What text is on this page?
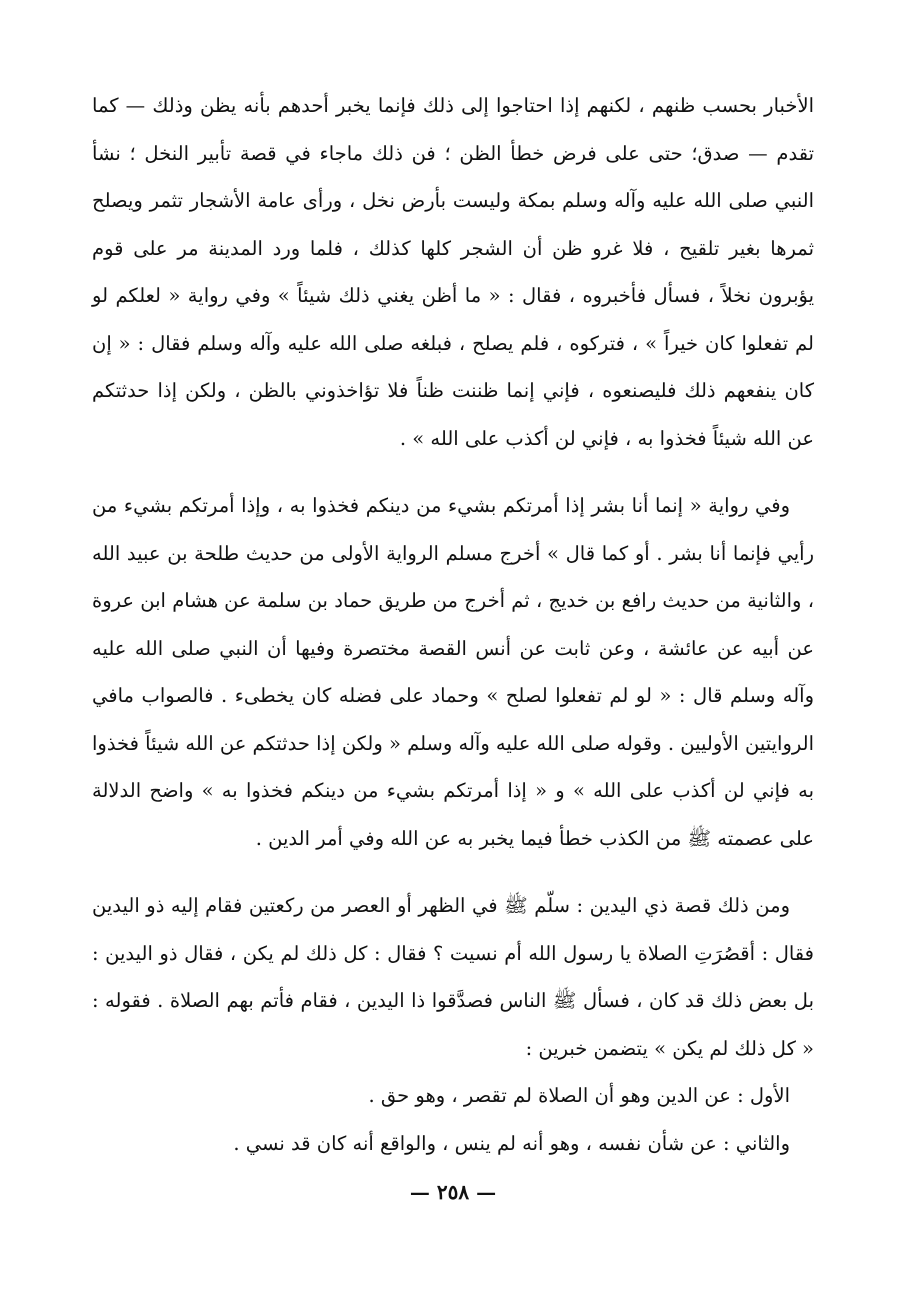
الأخبار بحسب ظنهم ، لكنهم إذا احتاجوا إلى ذلك فإنما يخبر أحدهم بأنه يظن وذلك — كما تقدم — صدق؛ حتى على فرض خطأ الظن ؛ فن ذلك ماجاء في قصة تأبير النخل ؛ نشأ النبي صلى الله عليه وآله وسلم بمكة وليست بأرض نخل ، ورأى عامة الأشجار تثمر ويصلح ثمرها بغير تلقيح ، فلا غرو ظن أن الشجر كلها كذلك ، فلما ورد المدينة مر على قوم يؤبرون نخلاً ، فسأل فأخبروه ، فقال : « ما أظن يغني ذلك شيئاً » وفي رواية « لعلكم لو لم تفعلوا كان خيراً » ، فتركوه ، فلم يصلح ، فبلغه صلى الله عليه وآله وسلم فقال : « إن كان ينفعهم ذلك فليصنعوه ، فإني إنما ظننت ظناً فلا تؤاخذوني بالظن ، ولكن إذا حدثتكم عن الله شيئاً فخذوا به ، فإني لن أكذب على الله » .

وفي رواية « إنما أنا بشر إذا أمرتكم بشيء من دينكم فخذوا به ، وإذا أمرتكم بشيء من رأيي فإنما أنا بشر . أو كما قال » أخرج مسلم الرواية الأولى من حديث طلحة بن عبيد الله ، والثانية من حديث رافع بن خديج ، ثم أخرج من طريق حماد بن سلمة عن هشام ابن عروة عن أبيه عن عائشة ، وعن ثابت عن أنس القصة مختصرة وفيها أن النبي صلى الله عليه وآله وسلم قال : « لو لم تفعلوا لصلح » وحماد على فضله كان يخطىء . فالصواب مافي الروايتين الأوليين . وقوله صلى الله عليه وآله وسلم « ولكن إذا حدثتكم عن الله شيئاً فخذوا به فإني لن أكذب على الله » و « إذا أمرتكم بشيء من دينكم فخذوا به » واضح الدلالة على عصمته ﷺ من الكذب خطأ فيما يخبر به عن الله وفي أمر الدين .

ومن ذلك قصة ذي اليدين : سلّم ﷺ في الظهر أو العصر من ركعتين فقام إليه ذو اليدين فقال : أقصُرَتِ الصلاة يا رسول الله أم نسيت ؟ فقال : كل ذلك لم يكن ، فقال ذو اليدين : بل بعض ذلك قد كان ، فسأل ﷺ الناس فصدَّقوا ذا اليدين ، فقام فأتم بهم الصلاة . فقوله : « كل ذلك لم يكن » يتضمن خبرين :

الأول : عن الدين وهو أن الصلاة لم تقصر ، وهو حق .

والثاني : عن شأن نفسه ، وهو أنه لم ينس ، والواقع أنه كان قد نسي .

— ٢٥٨ —
